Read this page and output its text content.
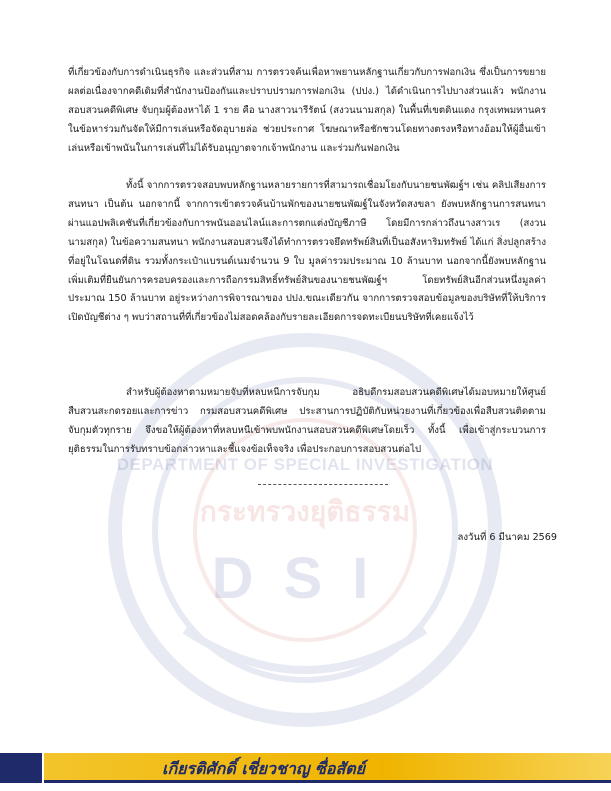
DEPARTMENT OF SPECIAL INVESTIGATION
กระทรวงยุติธรรม
DSI

ที่เกี่ยวข้องกับการดำเนินธุรกิจ และส่วนที่สาม การตรวจค้นเพื่อหาพยานหลักฐานเกี่ยวกับการฟอกเงิน ซึ่งเป็นการขยายผลต่อเนื่องจากคดีเดิมที่สำนักงานป้องกันและปราบปรามการฟอกเงิน (ปปง.) ได้ดำเนินการไปบางส่วนแล้ว พนักงานสอบสวนคดีพิเศษ จับกุมผู้ต้องหาได้ 1 ราย คือ นางสาวนารีรัตน์ (สงวนนามสกุล) ในพื้นที่เขตดินแดง กรุงเทพมหานคร ในข้อหาร่วมกันจัดให้มีการเล่นหรือจัดอุบายล่อ ช่วยประกาศ โฆษณาหรือชักชวนโดยทางตรงหรือทางอ้อมให้ผู้อื่นเข้าเล่นหรือเข้าพนันในการเล่นที่ไม่ได้รับอนุญาตจากเจ้าพนักงาน และร่วมกันฟอกเงิน

ทั้งนี้ จากการตรวจสอบพบหลักฐานหลายรายการที่สามารถเชื่อมโยงกับนายชนพัฒฐ์ฯ เช่น คลิปเสียงการสนทนา เป็นต้น นอกจากนี้ จากการเข้าตรวจค้นบ้านพักของนายชนพัฒฐ์ในจังหวัดสงขลา ยังพบหลักฐานการสนทนาผ่านแอปพลิเคชันที่เกี่ยวข้องกับการพนันออนไลน์และการตกแต่งบัญชีภาษี โดยมีการกล่าวถึงนางสาวเร (สงวนนามสกุล) ในข้อความสนทนา พนักงานสอบสวนจึงได้ทำการตรวจยึดทรัพย์สินที่เป็นอสังหาริมทรัพย์ ได้แก่ สิ่งปลูกสร้างที่อยู่ในโฉนดที่ดิน รวมทั้งกระเป๋าแบรนด์เนมจำนวน 9 ใบ มูลค่ารวมประมาณ 10 ล้านบาท นอกจากนี้ยังพบหลักฐานเพิ่มเติมที่ยืนยันการครอบครองและการถือกรรมสิทธิ์ทรัพย์สินของนายชนพัฒฐ์ฯ โดยทรัพย์สินอีกส่วนหนึ่งมูลค่าประมาณ 150 ล้านบาท อยู่ระหว่างการพิจารณาของ ปปง.ขณะเดียวกัน จากการตรวจสอบข้อมูลของบริษัทที่ให้บริการเปิดบัญชีต่าง ๆ พบว่าสถานที่ที่เกี่ยวข้องไม่สอดคล้องกับรายละเอียดการจดทะเบียนบริษัทที่เคยแจ้งไว้

สำหรับผู้ต้องหาตามหมายจับที่หลบหนีการจับกุม อธิบดีกรมสอบสวนคดีพิเศษได้มอบหมายให้ศูนย์สืบสวนสะกดรอยและการข่าว กรมสอบสวนคดีพิเศษ ประสานการปฏิบัติกับหน่วยงานที่เกี่ยวข้องเพื่อสืบสวนติดตามจับกุมตัวทุกราย จึงขอให้ผู้ต้องหาที่หลบหนีเข้าพบพนักงานสอบสวนคดีพิเศษโดยเร็ว ทั้งนี้ เพื่อเข้าสู่กระบวนการยุติธรรมในการรับทราบข้อกล่าวหาและชี้แจงข้อเท็จจริง เพื่อประกอบการสอบสวนต่อไป

ลงวันที่ 6 มีนาคม 2569
เกียรติศักดิ์ เชี่ยวชาญ ซื่อสัตย์
